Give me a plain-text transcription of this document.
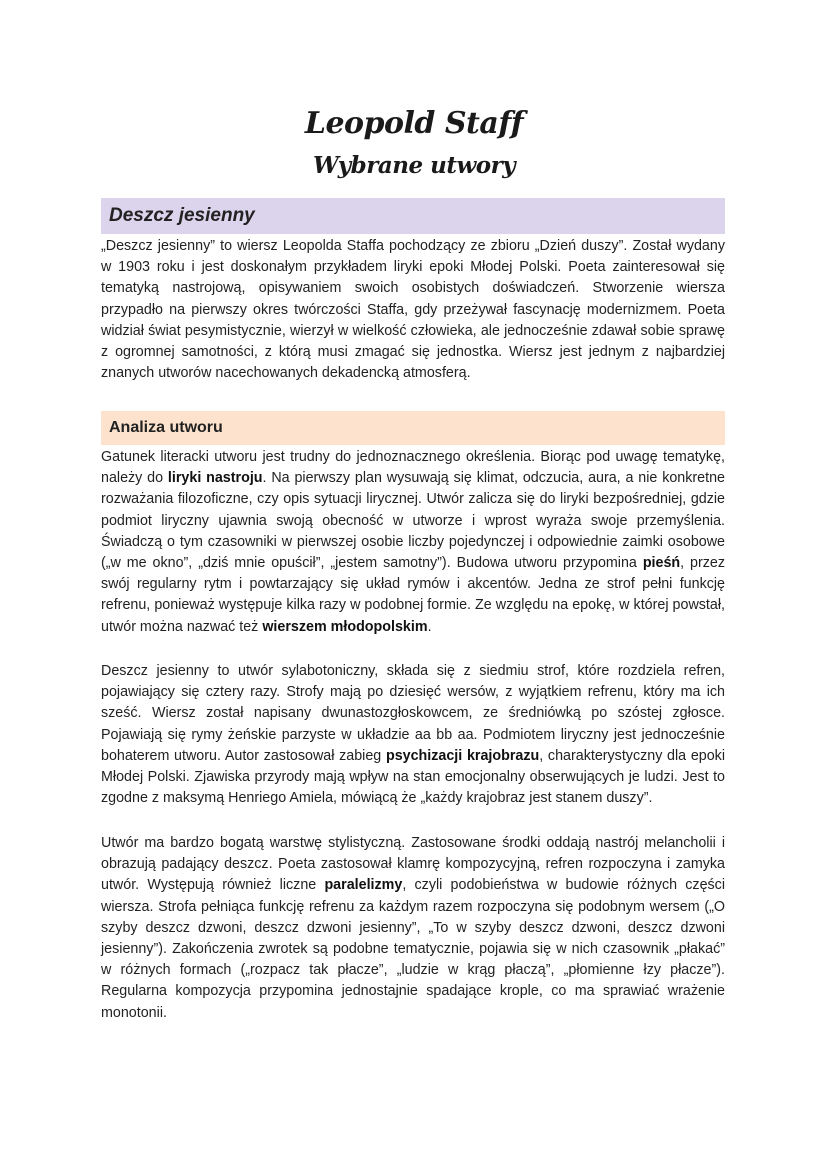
Leopold Staff
Wybrane utwory
Deszcz jesienny

„Deszcz jesienny” to wiersz Leopolda Staffa pochodzący ze zbioru „Dzień duszy”. Został wydany w 1903 roku i jest doskonałym przykładem liryki epoki Młodej Polski. Poeta zainteresował się tematyką nastrojową, opisywaniem swoich osobistych doświadczeń. Stworzenie wiersza przypadło na pierwszy okres twórczości Staffa, gdy przeżywał fascynację modernizmem. Poeta widział świat pesymistycznie, wierzył w wielkość człowieka, ale jednocześnie zdawał sobie sprawę z ogromnej samotności, z którą musi zmagać się jednostka. Wiersz jest jednym z najbardziej znanych utworów nacechowanych dekadencką atmosferą.

Analiza utworu

Gatunek literacki utworu jest trudny do jednoznacznego określenia. Biorąc pod uwagę tematykę, należy do liryki nastroju. Na pierwszy plan wysuwają się klimat, odczucia, aura, a nie konkretne rozważania filozoficzne, czy opis sytuacji lirycznej. Utwór zalicza się do liryki bezpośredniej, gdzie podmiot liryczny ujawnia swoją obecność w utworze i wprost wyraża swoje przemyślenia. Świadczą o tym czasowniki w pierwszej osobie liczby pojedynczej i odpowiednie zaimki osobowe („w me okno”, „dziś mnie opuścił”, „jestem samotny”). Budowa utworu przypomina pieśń, przez swój regularny rytm i powtarzający się układ rymów i akcentów. Jedna ze strof pełni funkcję refrenu, ponieważ występuje kilka razy w podobnej formie. Ze względu na epokę, w której powstał, utwór można nazwać też wierszem młodopolskim.

Deszcz jesienny to utwór sylabotoniczny, składa się z siedmiu strof, które rozdziela refren, pojawiający się cztery razy. Strofy mają po dziesięć wersów, z wyjątkiem refrenu, który ma ich sześć. Wiersz został napisany dwunastozgłoskowcem, ze średniówką po szóstej zgłosce. Pojawiają się rymy żeńskie parzyste w układzie aa bb aa. Podmiotem liryczny jest jednocześnie bohaterem utworu. Autor zastosował zabieg psychizacji krajobrazu, charakterystyczny dla epoki Młodej Polski. Zjawiska przyrody mają wpływ na stan emocjonalny obserwujących je ludzi. Jest to zgodne z maksymą Henriego Amiela, mówiącą że „każdy krajobraz jest stanem duszy”.

Utwór ma bardzo bogatą warstwę stylistyczną. Zastosowane środki oddają nastrój melancholii i obrazują padający deszcz. Poeta zastosował klamrę kompozycyjną, refren rozpoczyna i zamyka utwór. Występują również liczne paralelizmy, czyli podobieństwa w budowie różnych części wiersza. Strofa pełniąca funkcję refrenu za każdym razem rozpoczyna się podobnym wersem („O szyby deszcz dzwoni, deszcz dzwoni jesienny”, „To w szyby deszcz dzwoni, deszcz dzwoni jesienny”). Zakończenia zwrotek są podobne tematycznie, pojawia się w nich czasownik „płakać” w różnych formach („rozpacz tak płacze”, „ludzie w krąg płaczą”, „płomienne łzy płacze”). Regularna kompozycja przypomina jednostajnie spadające krople, co ma sprawiać wrażenie monotonii.
